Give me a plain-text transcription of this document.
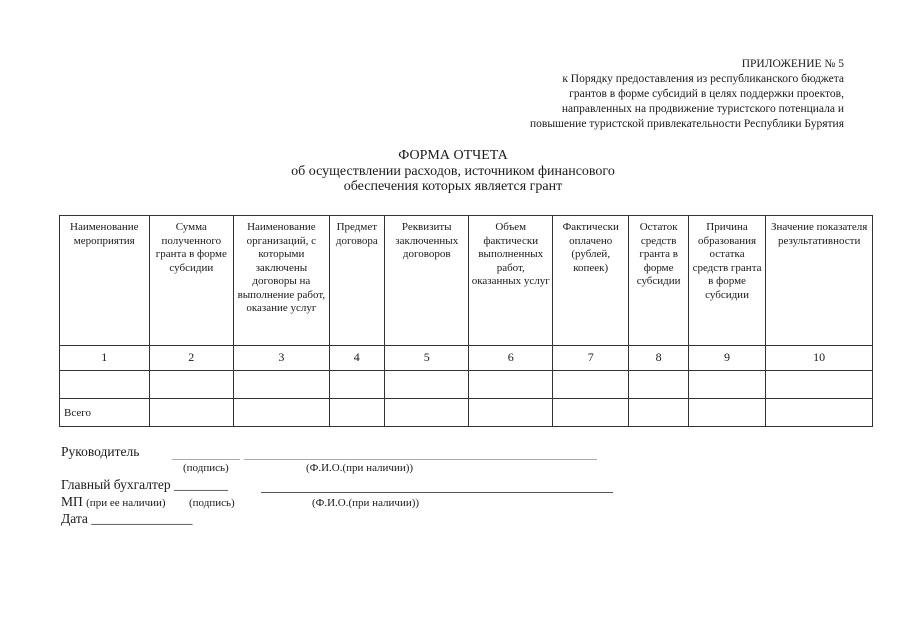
ПРИЛОЖЕНИЕ № 5
к Порядку предоставления из республиканского бюджета
грантов в форме субсидий в целях поддержки проектов,
направленных на продвижение туристского потенциала и
повышение туристской привлекательности Республики Бурятия
ФОРМА ОТЧЕТА
об осуществлении расходов, источником финансового
обеспечения которых является грант
Наименование мероприятия	Сумма полученного гранта в форме субсидии	Наименование организаций, с которыми заключены договоры на выполнение работ, оказание услуг	Предмет договора	Реквизиты заключенных договоров	Объем фактически выполненных работ, оказанных услуг	Фактически оплачено (рублей, копеек)	Остаток средств гранта в форме субсидии	Причина образования остатка средств гранта в форме субсидии	Значение показателя результативности
1	2	3	4	5	6	7	8	9	10

Всего									
Руководитель
(подпись)	(Ф.И.О.(при наличии))
Главный бухгалтер ________
МП (при ее наличии) (подпись)	(Ф.И.О.(при наличии))
Дата _______________
